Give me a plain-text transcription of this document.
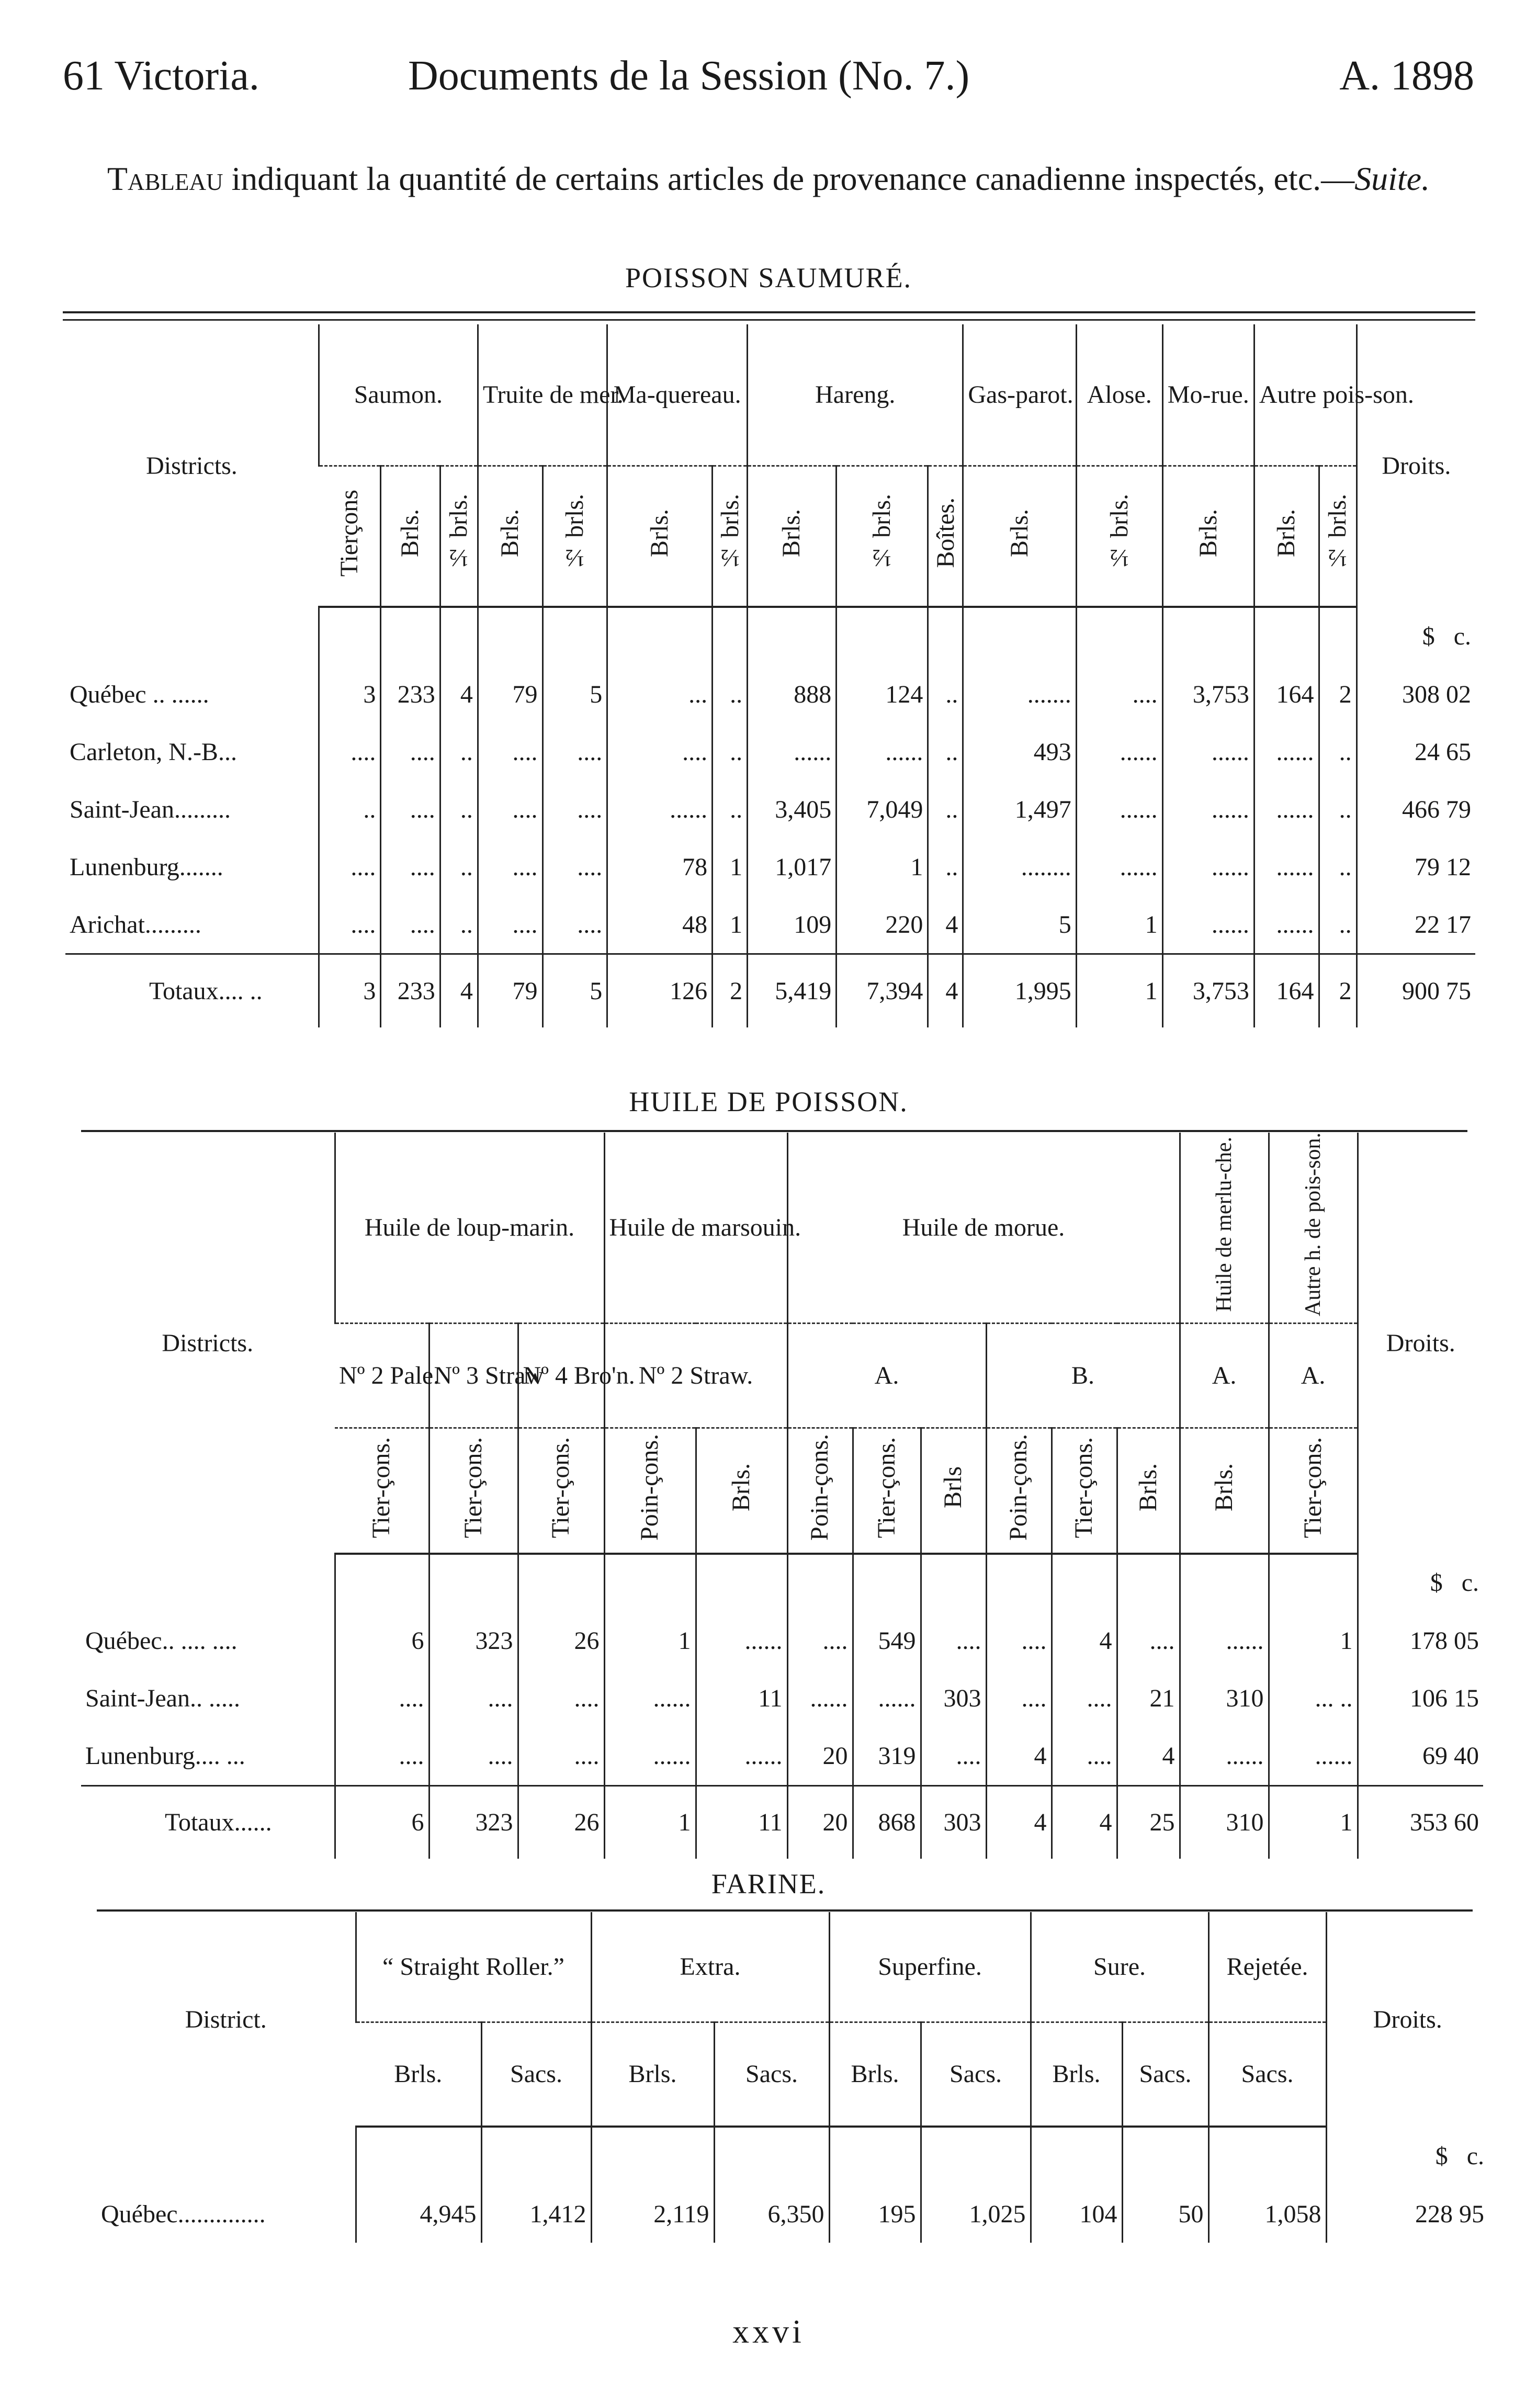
61 Victoria.	Documents de la Session (No. 7.)	A. 1898
Tableau indiquant la quantité de certains articles de provenance canadienne inspectés, etc.—Suite.
POISSON SAUMURÉ.
Districts.	Saumon.			Truite de mer.		Ma-quereau.		Hareng.			Gas-parot.	Alose.	Mo-rue.	Autre pois-son.		Droits.
	Tierçons	Brls.	½ brls.	Brls.	½ brls.	Brls.	½ brls.	Brls.	½ brls.	Boîtes.	Brls.	½ brls.	Brls.	Brls.	½ brls.	
																$ c.
Québec .. ......	3	233	4	79	5	...	..	888	124	..	.......	....	3,753	164	2	308 02
Carleton, N.-B...	....	....	..	....	....	....	..	......	......	..	493	......	......	......	..	24 65
Saint-Jean.........	..	....	..	....	....	......	..	3,405	7,049	..	1,497	......	......	......	..	466 79
Lunenburg.......	....	....	..	....	....	78	1	1,017	1	..	........	......	......	......	..	79 12
Arichat.........	....	....	..	....	....	48	1	109	220	4	5	1	......	......	..	22 17
Totaux.... ..	3	233	4	79	5	126	2	5,419	7,394	4	1,995	1	3,753	164	2	900 75
HUILE DE POISSON.
Districts.	Huile de loup-marin.			Huile de marsouin.		Huile de morue.						Huile de merlu-che.	Autre h. de pois-son.	Droits.
	Nº 2 Pale.	Nº 3 Straw	Nº 4 Bro'n.	Nº 2 Straw.		A.			B.			A.	A.	
	Tier-çons.	Tier-çons.	Tier-çons.	Poin-çons.	Brls.	Poin-çons.	Tier-çons.	Brls	Poin-çons.	Tier-çons.	Brls.	Brls.	Tier-çons.	
														$ c.
Québec.. .... ....	6	323	26	1	......	....	549	....	....	4	....	......	1	178 05
Saint-Jean.. .....	....	....	....	......	11	......	......	303	....	....	21	310	... ..	106 15
Lunenburg.... ...	....	....	....	......	......	20	319	....	4	....	4	......	......	69 40
Totaux......	6	323	26	1	11	20	868	303	4	4	25	310	1	353 60
FARINE.
District.	“ Straight Roller.”		Extra.		Superfine.		Sure.		Rejetée.	Droits.
	Brls.	Sacs.	Brls.	Sacs.	Brls.	Sacs.	Brls.	Sacs.	Sacs.	
										$ c.
Québec..............	4,945	1,412	2,119	6,350	195	1,025	104	50	1,058	228 95
xxvi
